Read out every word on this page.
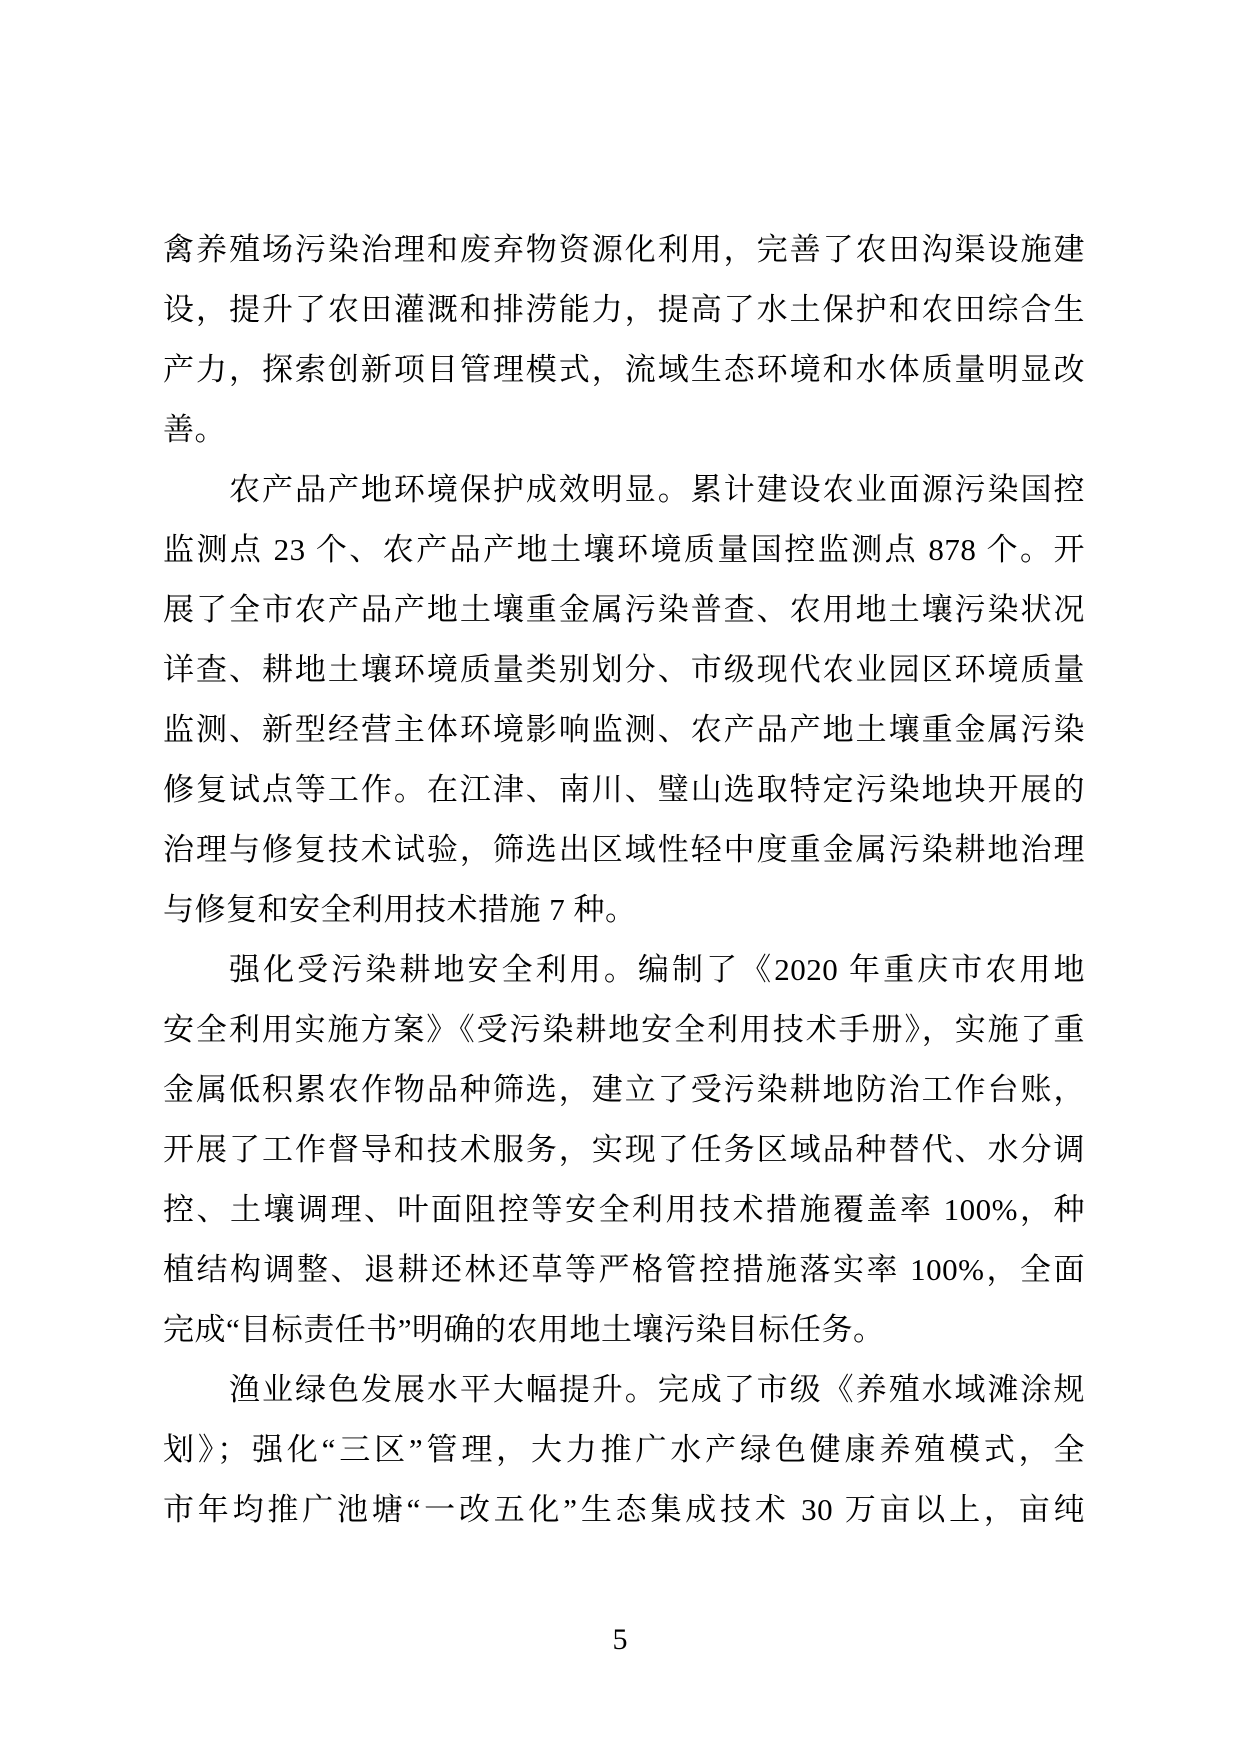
禽养殖场污染治理和废弃物资源化利用，完善了农田沟渠设施建
设，提升了农田灌溉和排涝能力，提高了水土保护和农田综合生
产力，探索创新项目管理模式，流域生态环境和水体质量明显改
善。
农产品产地环境保护成效明显。累计建设农业面源污染国控
监测点 23 个、农产品产地土壤环境质量国控监测点 878 个。开
展了全市农产品产地土壤重金属污染普查、农用地土壤污染状况
详查、耕地土壤环境质量类别划分、市级现代农业园区环境质量
监测、新型经营主体环境影响监测、农产品产地土壤重金属污染
修复试点等工作。在江津、南川、璧山选取特定污染地块开展的
治理与修复技术试验，筛选出区域性轻中度重金属污染耕地治理
与修复和安全利用技术措施 7 种。
强化受污染耕地安全利用。编制了《2020 年重庆市农用地
安全利用实施方案》《受污染耕地安全利用技术手册》，实施了重
金属低积累农作物品种筛选，建立了受污染耕地防治工作台账，
开展了工作督导和技术服务，实现了任务区域品种替代、水分调
控、土壤调理、叶面阻控等安全利用技术措施覆盖率 100%，种
植结构调整、退耕还林还草等严格管控措施落实率 100%，全面
完成“目标责任书”明确的农用地土壤污染目标任务。
渔业绿色发展水平大幅提升。完成了市级《养殖水域滩涂规
划》；强化“三区”管理，大力推广水产绿色健康养殖模式，全
市年均推广池塘“一改五化”生态集成技术 30 万亩以上，亩纯
5
